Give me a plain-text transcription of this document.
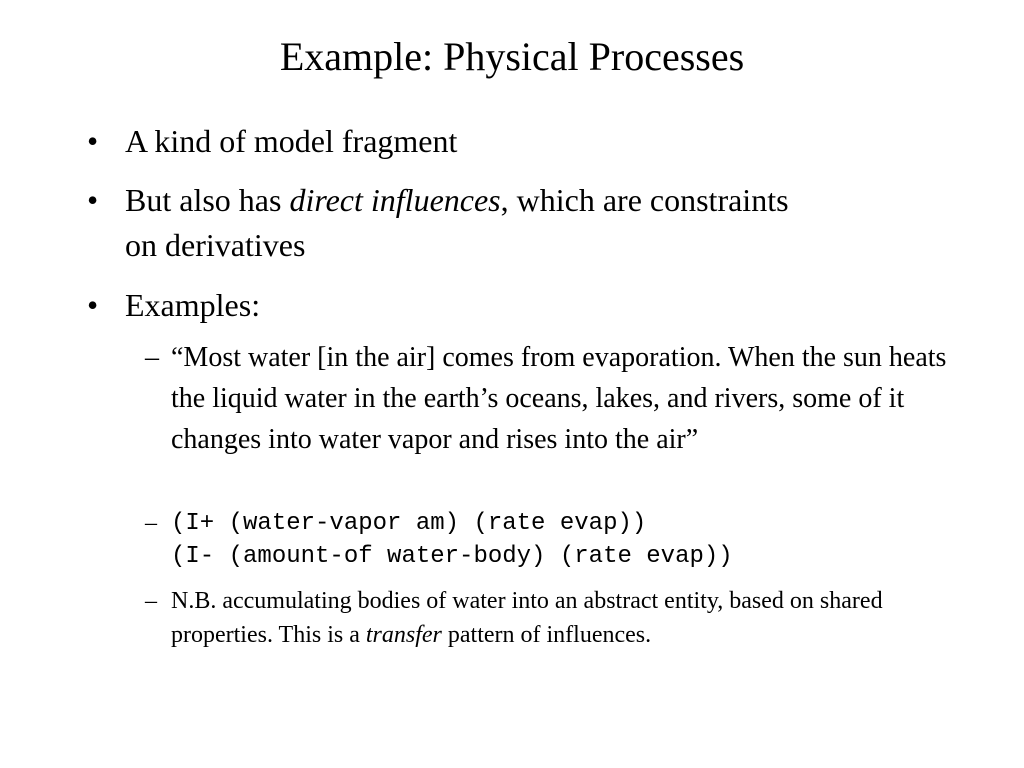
Example: Physical Processes
• A kind of model fragment
• But also has direct influences, which are constraints on derivatives
• Examples:
– “Most water [in the air] comes from evaporation. When the sun heats the liquid water in the earth’s oceans, lakes, and rivers, some of it changes into water vapor and rises into the air”
– (I+ (water-vapor am) (rate evap))
(I- (amount-of water-body) (rate evap))
– N.B. accumulating bodies of water into an abstract entity, based on shared properties. This is a transfer pattern of influences.
